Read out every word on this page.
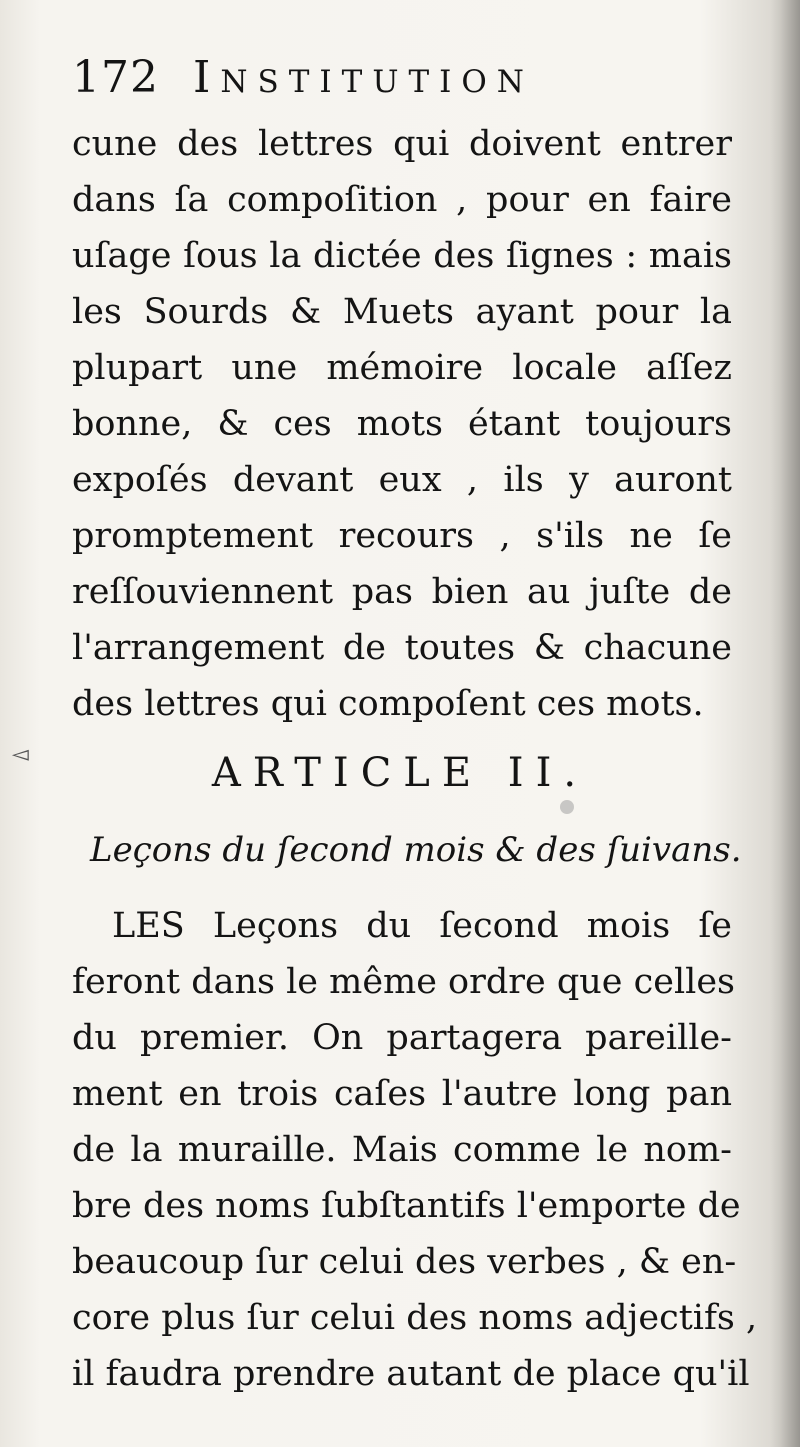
172 INSTITUTION
cune des lettres qui doivent entrer
dans ſa compoſition , pour en faire
uſage ſous la dictée des ſignes : mais
les Sourds & Muets ayant pour la
plupart une mémoire locale aſſez
bonne, & ces mots étant toujours
expoſés devant eux , ils y auront
promptement recours , s'ils ne ſe
reſſouviennent pas bien au juſte de
l'arrangement de toutes & chacune
des lettres qui compoſent ces mots.
◅	ARTICLE II.
Leçons du ſecond mois & des ſuivans.
LES Leçons du ſecond mois ſe
feront dans le même ordre que celles
du premier. On partagera pareille-
ment en trois caſes l'autre long pan
de la muraille. Mais comme le nom-
bre des noms ſubſtantifs l'emporte de
beaucoup ſur celui des verbes , & en-
core plus ſur celui des noms adjectifs ,
il faudra prendre autant de place qu'il
